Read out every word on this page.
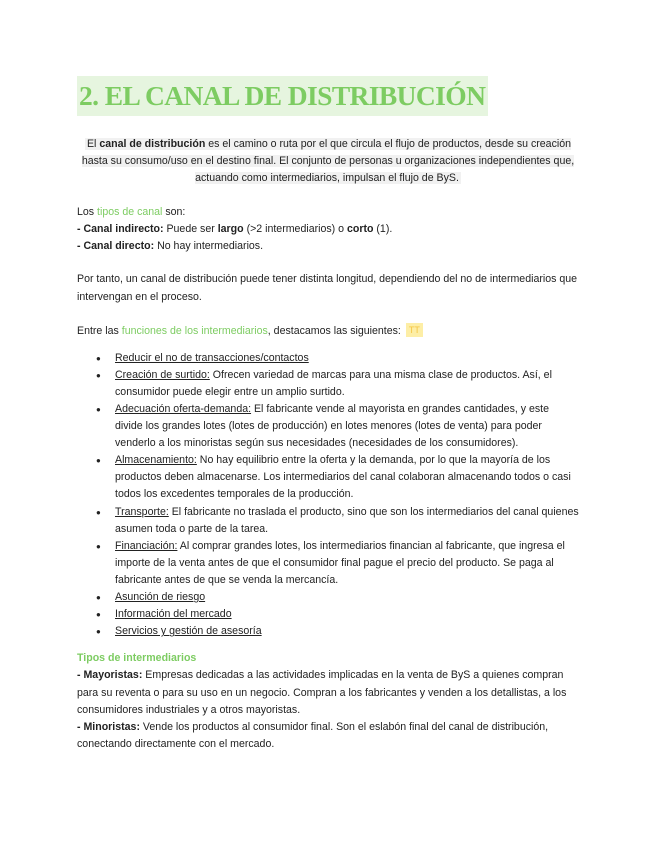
2. EL CANAL DE DISTRIBUCIÓN

El canal de distribución es el camino o ruta por el que circula el flujo de productos, desde su creación hasta su consumo/uso en el destino final. El conjunto de personas u organizaciones independientes que, actuando como intermediarios, impulsan el flujo de ByS.

Los tipos de canal son:

- Canal indirecto: Puede ser largo (>2 intermediarios) o corto (1).

- Canal directo: No hay intermediarios.

Por tanto, un canal de distribución puede tener distinta longitud, dependiendo del no de intermediarios que intervengan en el proceso.

Entre las funciones de los intermediarios, destacamos las siguientes: TT

● Reducir el no de transacciones/contactos
● Creación de surtido: Ofrecen variedad de marcas para una misma clase de productos. Así, el consumidor puede elegir entre un amplio surtido.
● Adecuación oferta-demanda: El fabricante vende al mayorista en grandes cantidades, y este divide los grandes lotes (lotes de producción) en lotes menores (lotes de venta) para poder venderlo a los minoristas según sus necesidades (necesidades de los consumidores).
● Almacenamiento: No hay equilibrio entre la oferta y la demanda, por lo que la mayoría de los productos deben almacenarse. Los intermediarios del canal colaboran almacenando todos o casi todos los excedentes temporales de la producción.
● Transporte: El fabricante no traslada el producto, sino que son los intermediarios del canal quienes asumen toda o parte de la tarea.
● Financiación: Al comprar grandes lotes, los intermediarios financian al fabricante, que ingresa el importe de la venta antes de que el consumidor final pague el precio del producto. Se paga al fabricante antes de que se venda la mercancía.
● Asunción de riesgo
● Información del mercado
● Servicios y gestión de asesoría

Tipos de intermediarios

- Mayoristas: Empresas dedicadas a las actividades implicadas en la venta de ByS a quienes compran para su reventa o para su uso en un negocio. Compran a los fabricantes y venden a los detallistas, a los consumidores industriales y a otros mayoristas.

- Minoristas: Vende los productos al consumidor final. Son el eslabón final del canal de distribución, conectando directamente con el mercado.
